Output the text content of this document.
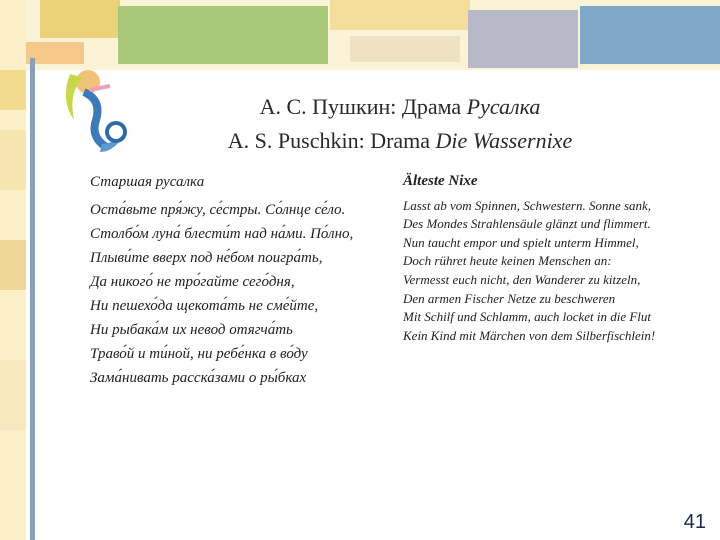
А. С. Пушкин: Драма Русалка
A. S. Puschkin: Drama Die Wassernixe
Старшая русалка
Оста́вьте пря́жу, се́стры. Со́лнце се́ло.
Столбо́м луна́ блести́т над на́ми. По́лно,
Плыви́те вверх под не́бом поигра́ть,
Да никого́ не тро́гайте сего́дня,
Ни пешехо́да щекота́ть не сме́йте,
Ни рыбака́м их невод отягча́ть
Траво́й и ти́ной, ни ребе́нка в во́ду
Зама́нивать расска́зами о ры́бках
Älteste Nixe
Lasst ab vom Spinnen, Schwestern. Sonne sank,
Des Mondes Strahlensäule glänzt und flimmert.
Nun taucht empor und spielt unterm Himmel,
Doch rühret heute keinen Menschen an:
Vermesst euch nicht, den Wanderer zu kitzeln,
Den armen Fischer Netze zu beschweren
Mit Schilf und Schlamm, auch locket in die Flut
Kein Kind mit Märchen von dem Silberfischlein!
41
